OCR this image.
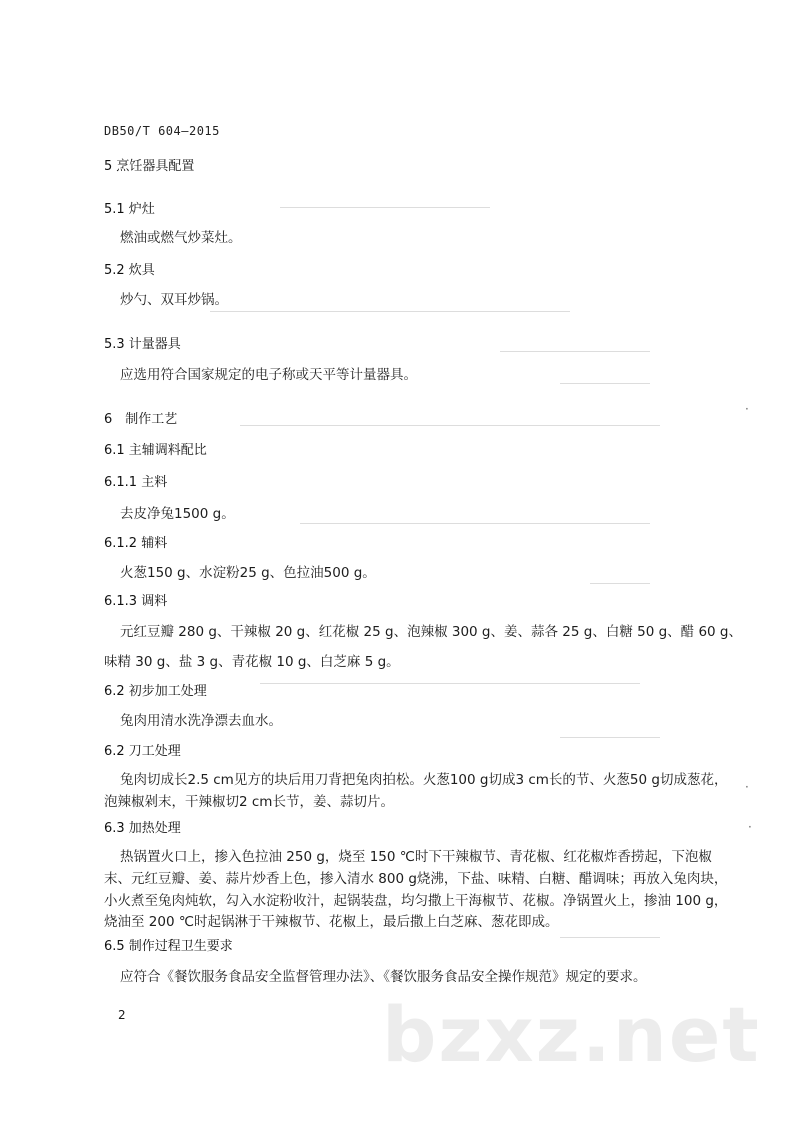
·
·
·
DB50/T 604—2015
5 烹饪器具配置
5.1 炉灶
燃油或燃气炒菜灶。
5.2 炊具
炒勺、双耳炒锅。
5.3 计量器具
应选用符合国家规定的电子称或天平等计量器具。
6　制作工艺
6.1 主辅调料配比
6.1.1 主料
去皮净兔1500 g。
6.1.2 辅料
火葱150 g、水淀粉25 g、色拉油500 g。
6.1.3 调料
元红豆瓣 280 g、干辣椒 20 g、红花椒 25 g、泡辣椒 300 g、姜、蒜各 25 g、白糖 50 g、醋 60 g、
味精 30 g、盐 3 g、青花椒 10 g、白芝麻 5 g。
6.2 初步加工处理
兔肉用清水洗净漂去血水。
6.2 刀工处理
兔肉切成长2.5 cm见方的块后用刀背把兔肉拍松。火葱100 g切成3 cm长的节、火葱50 g切成葱花，
泡辣椒剁末，干辣椒切2 cm长节，姜、蒜切片。
6.3 加热处理
热锅置火口上，掺入色拉油 250 g，烧至 150 ℃时下干辣椒节、青花椒、红花椒炸香捞起，下泡椒
末、元红豆瓣、姜、蒜片炒香上色，掺入清水 800 g烧沸，下盐、味精、白糖、醋调味；再放入兔肉块，
小火煮至兔肉炖软，勾入水淀粉收汁，起锅装盘，均匀撒上干海椒节、花椒。净锅置火上，掺油 100 g，
烧油至 200 ℃时起锅淋于干辣椒节、花椒上，最后撒上白芝麻、葱花即成。
6.5 制作过程卫生要求
应符合《餐饮服务食品安全监督管理办法》、《餐饮服务食品安全操作规范》规定的要求。
2	bzxz.net
